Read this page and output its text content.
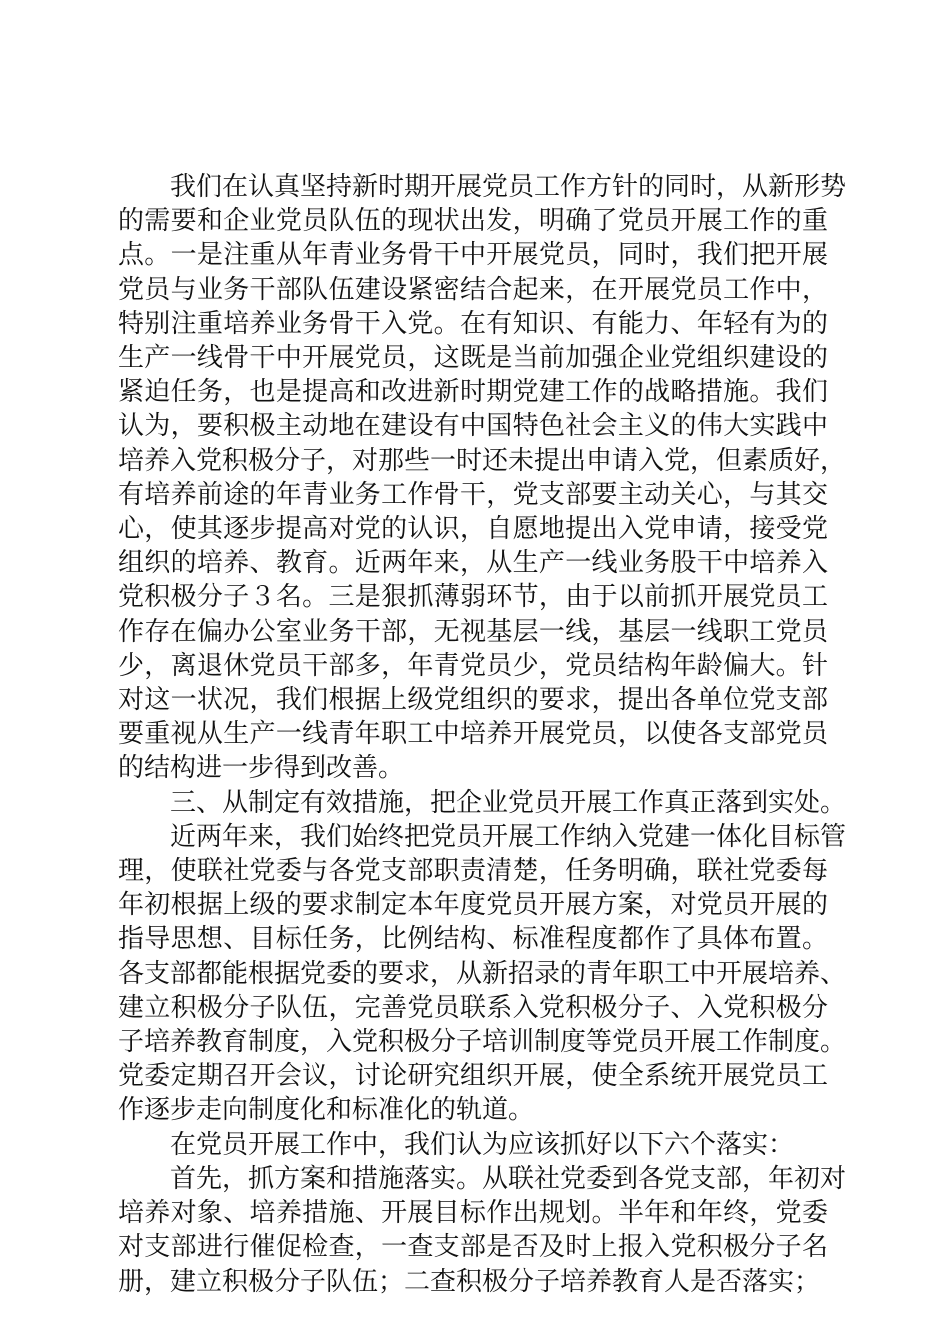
我们在认真坚持新时期开展党员工作方针的同时，从新形势
的需要和企业党员队伍的现状出发，明确了党员开展工作的重
点。一是注重从年青业务骨干中开展党员，同时，我们把开展
党员与业务干部队伍建设紧密结合起来，在开展党员工作中，
特别注重培养业务骨干入党。在有知识、有能力、年轻有为的
生产一线骨干中开展党员，这既是当前加强企业党组织建设的
紧迫任务，也是提高和改进新时期党建工作的战略措施。我们
认为，要积极主动地在建设有中国特色社会主义的伟大实践中
培养入党积极分子，对那些一时还未提出申请入党，但素质好，
有培养前途的年青业务工作骨干，党支部要主动关心，与其交
心，使其逐步提高对党的认识，自愿地提出入党申请，接受党
组织的培养、教育。近两年来，从生产一线业务股干中培养入
党积极分子３名。三是狠抓薄弱环节，由于以前抓开展党员工
作存在偏办公室业务干部，无视基层一线，基层一线职工党员
少，离退休党员干部多，年青党员少，党员结构年龄偏大。针
对这一状况，我们根据上级党组织的要求，提出各单位党支部
要重视从生产一线青年职工中培养开展党员，以使各支部党员
的结构进一步得到改善。

三、从制定有效措施，把企业党员开展工作真正落到实处。

近两年来，我们始终把党员开展工作纳入党建一体化目标管
理，使联社党委与各党支部职责清楚，任务明确，联社党委每
年初根据上级的要求制定本年度党员开展方案，对党员开展的
指导思想、目标任务，比例结构、标准程度都作了具体布置。
各支部都能根据党委的要求，从新招录的青年职工中开展培养、
建立积极分子队伍，完善党员联系入党积极分子、入党积极分
子培养教育制度，入党积极分子培训制度等党员开展工作制度。
党委定期召开会议，讨论研究组织开展，使全系统开展党员工
作逐步走向制度化和标准化的轨道。

在党员开展工作中，我们认为应该抓好以下六个落实：

首先，抓方案和措施落实。从联社党委到各党支部，年初对
培养对象、培养措施、开展目标作出规划。半年和年终，党委
对支部进行催促检查，一查支部是否及时上报入党积极分子名
册，建立积极分子队伍；二查积极分子培养教育人是否落实；
